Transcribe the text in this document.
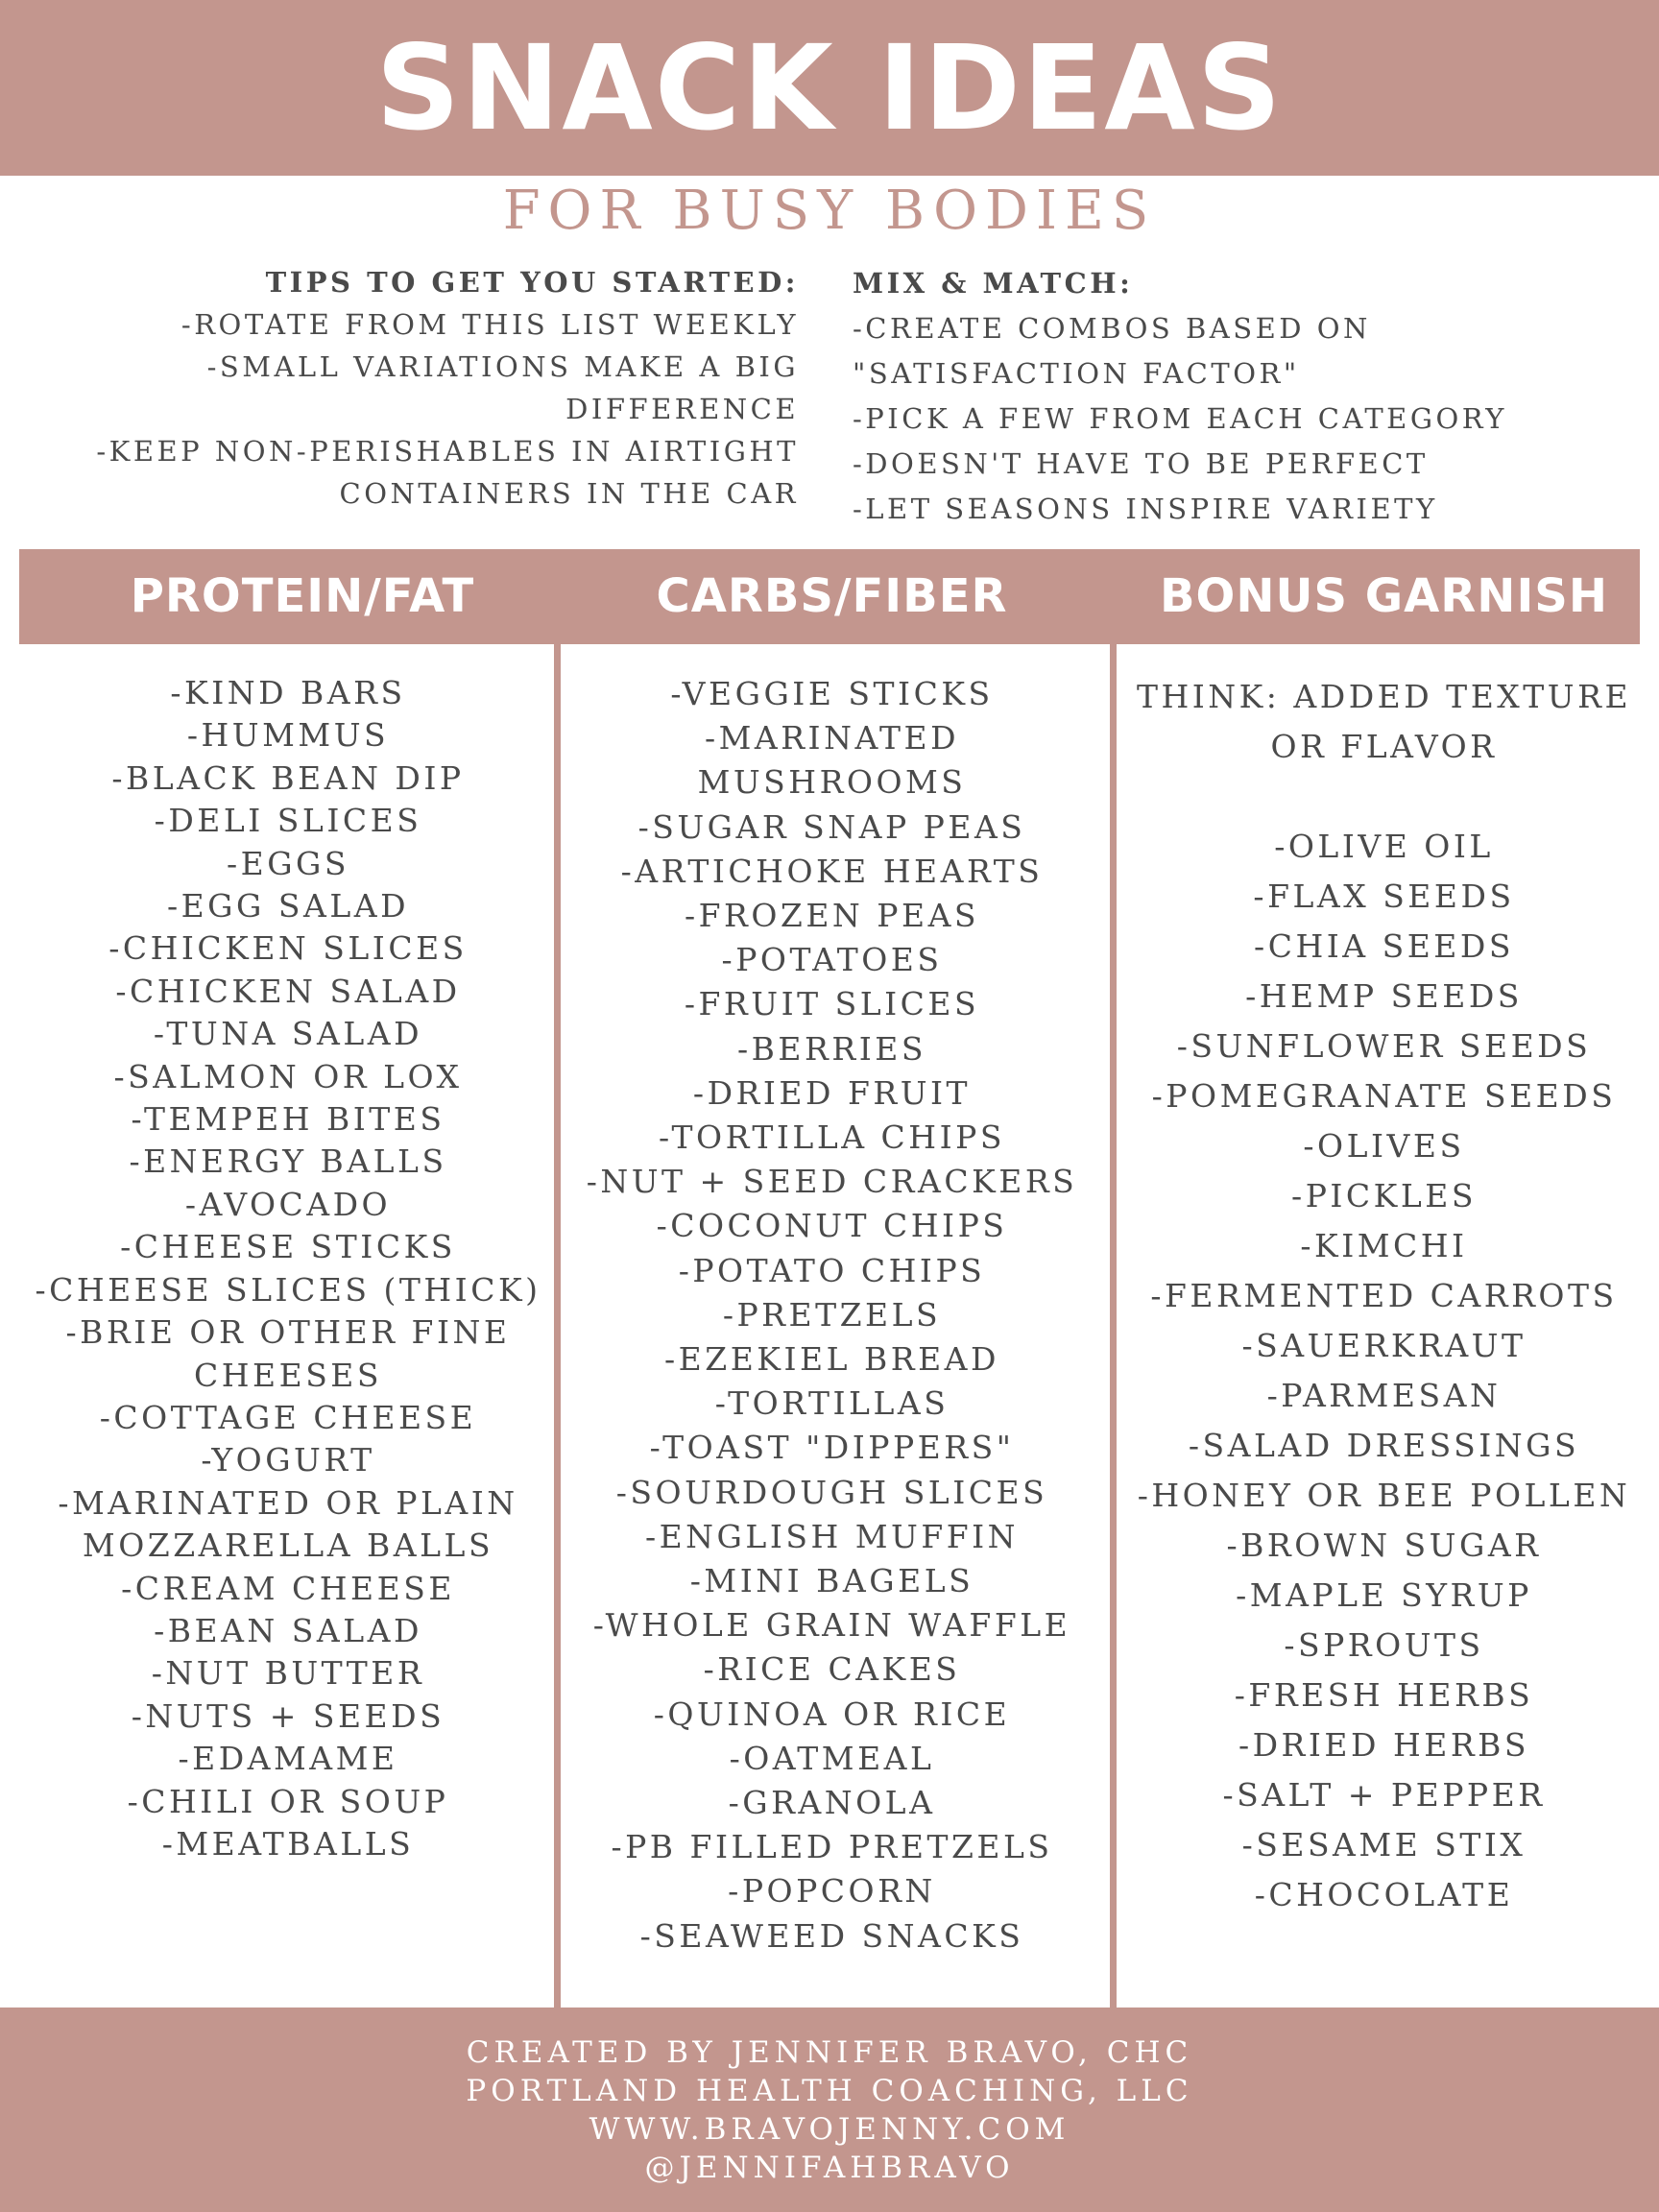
SNACK IDEAS
FOR BUSY BODIES
TIPS TO GET YOU STARTED:
-ROTATE FROM THIS LIST WEEKLY
-SMALL VARIATIONS MAKE A BIG
DIFFERENCE
-KEEP NON-PERISHABLES IN AIRTIGHT
CONTAINERS IN THE CAR
MIX & MATCH:
-CREATE COMBOS BASED ON
"SATISFACTION FACTOR"
-PICK A FEW FROM EACH CATEGORY
-DOESN'T HAVE TO BE PERFECT
-LET SEASONS INSPIRE VARIETY
PROTEIN/FAT	CARBS/FIBER	BONUS GARNISH
-KIND BARS
-HUMMUS
-BLACK BEAN DIP
-DELI SLICES
-EGGS
-EGG SALAD
-CHICKEN SLICES
-CHICKEN SALAD
-TUNA SALAD
-SALMON OR LOX
-TEMPEH BITES
-ENERGY BALLS
-AVOCADO
-CHEESE STICKS
-CHEESE SLICES (THICK)
-BRIE OR OTHER FINE
CHEESES
-COTTAGE CHEESE
-YOGURT
-MARINATED OR PLAIN
MOZZARELLA BALLS
-CREAM CHEESE
-BEAN SALAD
-NUT BUTTER
-NUTS + SEEDS
-EDAMAME
-CHILI OR SOUP
-MEATBALLS
-VEGGIE STICKS
-MARINATED
MUSHROOMS
-SUGAR SNAP PEAS
-ARTICHOKE HEARTS
-FROZEN PEAS
-POTATOES
-FRUIT SLICES
-BERRIES
-DRIED FRUIT
-TORTILLA CHIPS
-NUT + SEED CRACKERS
-COCONUT CHIPS
-POTATO CHIPS
-PRETZELS
-EZEKIEL BREAD
-TORTILLAS
-TOAST "DIPPERS"
-SOURDOUGH SLICES
-ENGLISH MUFFIN
-MINI BAGELS
-WHOLE GRAIN WAFFLE
-RICE CAKES
-QUINOA OR RICE
-OATMEAL
-GRANOLA
-PB FILLED PRETZELS
-POPCORN
-SEAWEED SNACKS
THINK: ADDED TEXTURE
OR FLAVOR
-OLIVE OIL
-FLAX SEEDS
-CHIA SEEDS
-HEMP SEEDS
-SUNFLOWER SEEDS
-POMEGRANATE SEEDS
-OLIVES
-PICKLES
-KIMCHI
-FERMENTED CARROTS
-SAUERKRAUT
-PARMESAN
-SALAD DRESSINGS
-HONEY OR BEE POLLEN
-BROWN SUGAR
-MAPLE SYRUP
-SPROUTS
-FRESH HERBS
-DRIED HERBS
-SALT + PEPPER
-SESAME STIX
-CHOCOLATE
CREATED BY JENNIFER BRAVO, CHC
PORTLAND HEALTH COACHING, LLC
WWW.BRAVOJENNY.COM
@JENNIFAHBRAVO
